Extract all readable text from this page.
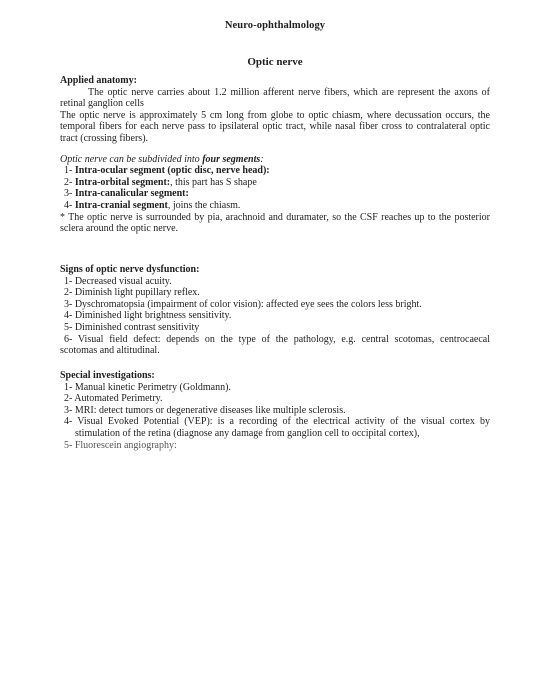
Neuro-ophthalmology
Optic nerve
Applied anatomy:
The optic nerve carries about 1.2 million afferent nerve fibers, which are represent the axons of
retinal ganglion cells
The optic nerve is approximately 5 cm long from globe to optic chiasm, where decussation occurs, the
temporal fibers for each nerve pass to ipsilateral optic tract, while nasal fiber cross to contralateral optic
tract (crossing fibers).
Optic nerve can be subdivided into four segments:
1- Intra-ocular segment (optic disc, nerve head):
2- Intra-orbital segment:, this part has S shape
3- Intra-canalicular segment:
4- Intra-cranial segment, joins the chiasm.
* The optic nerve is surrounded by pia, arachnoid and duramater, so the CSF reaches up to the posterior
sclera around the optic nerve.
Signs of optic nerve dysfunction:
1- Decreased visual acuity.
2- Diminish light pupillary reflex.
3- Dyschromatopsia (impairment of color vision): affected eye sees the colors less bright.
4- Diminished light brightness sensitivity.
5- Diminished contrast sensitivity
6- Visual field defect: depends on the type of the pathology, e.g. central scotomas, centrocaecal
scotomas and altitudinal.
Special investigations:
1- Manual kinetic Perimetry (Goldmann).
2- Automated Perimetry.
3- MRI: detect tumors or degenerative diseases like multiple sclerosis.
4- Visual Evoked Potential (VEP): is a recording of the electrical activity of the visual cortex by
stimulation of the retina (diagnose any damage from ganglion cell to occipital cortex),
5- Fluorescein angiography:
